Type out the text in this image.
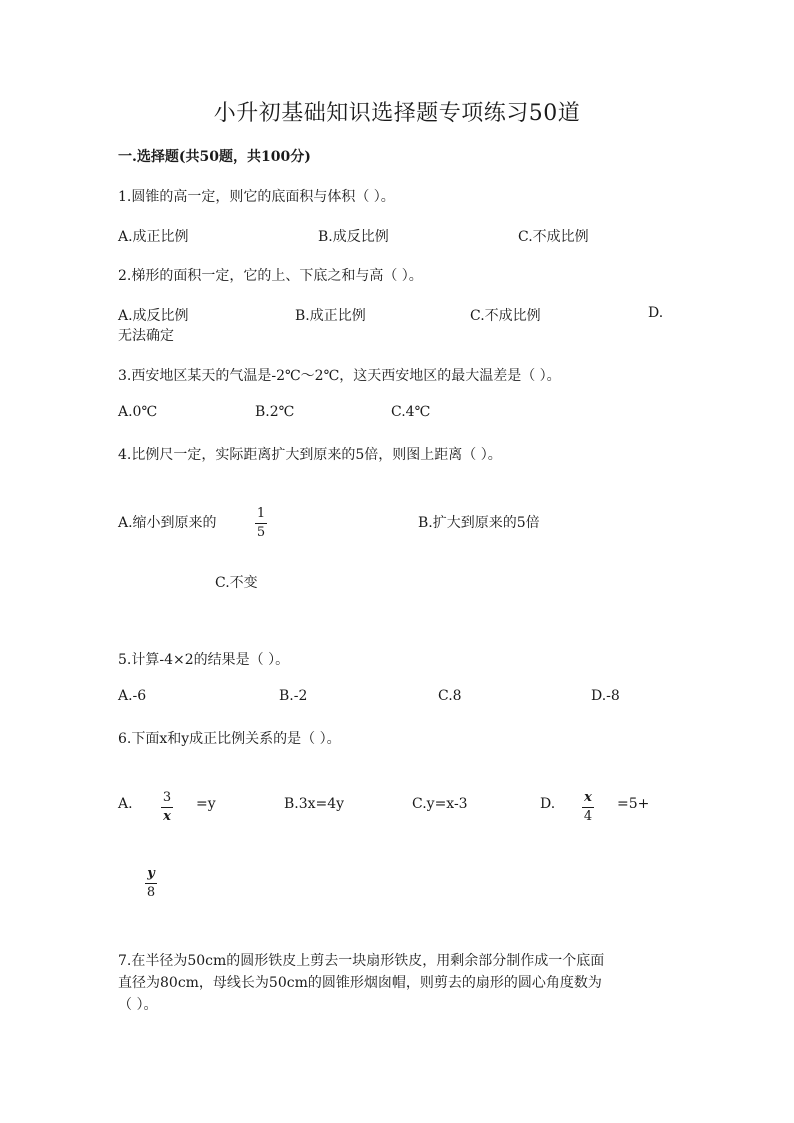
小升初基础知识选择题专项练习50道
一.选择题(共50题，共100分)
1.圆锥的高一定，则它的底面积与体积（ ）。
A.成正比例	B.成反比例	C.不成比例
2.梯形的面积一定，它的上、下底之和与高（ ）。
A.成反比例	B.成正比例	C.不成比例	D.
无法确定
3.西安地区某天的气温是-2℃～2℃，这天西安地区的最大温差是（ ）。
A.0℃	B.2℃	C.4℃
4.比例尺一定，实际距离扩大到原来的5倍，则图上距离（ ）。
A.缩小到原来的
1
5
B.扩大到原来的5倍
C.不变
5.计算-4×2的结果是（ ）。
A.-6	B.-2	C.8	D.-8
6.下面x和y成正比例关系的是（ ）。
A. 3
x
=y	B.3x=4y	C.y=x-3	D. x
4
=5+
y
8
7.在半径为50cm的圆形铁皮上剪去一块扇形铁皮，用剩余部分制作成一个底面
直径为80cm，母线长为50cm的圆锥形烟囱帽，则剪去的扇形的圆心角度数为
（ ）。
